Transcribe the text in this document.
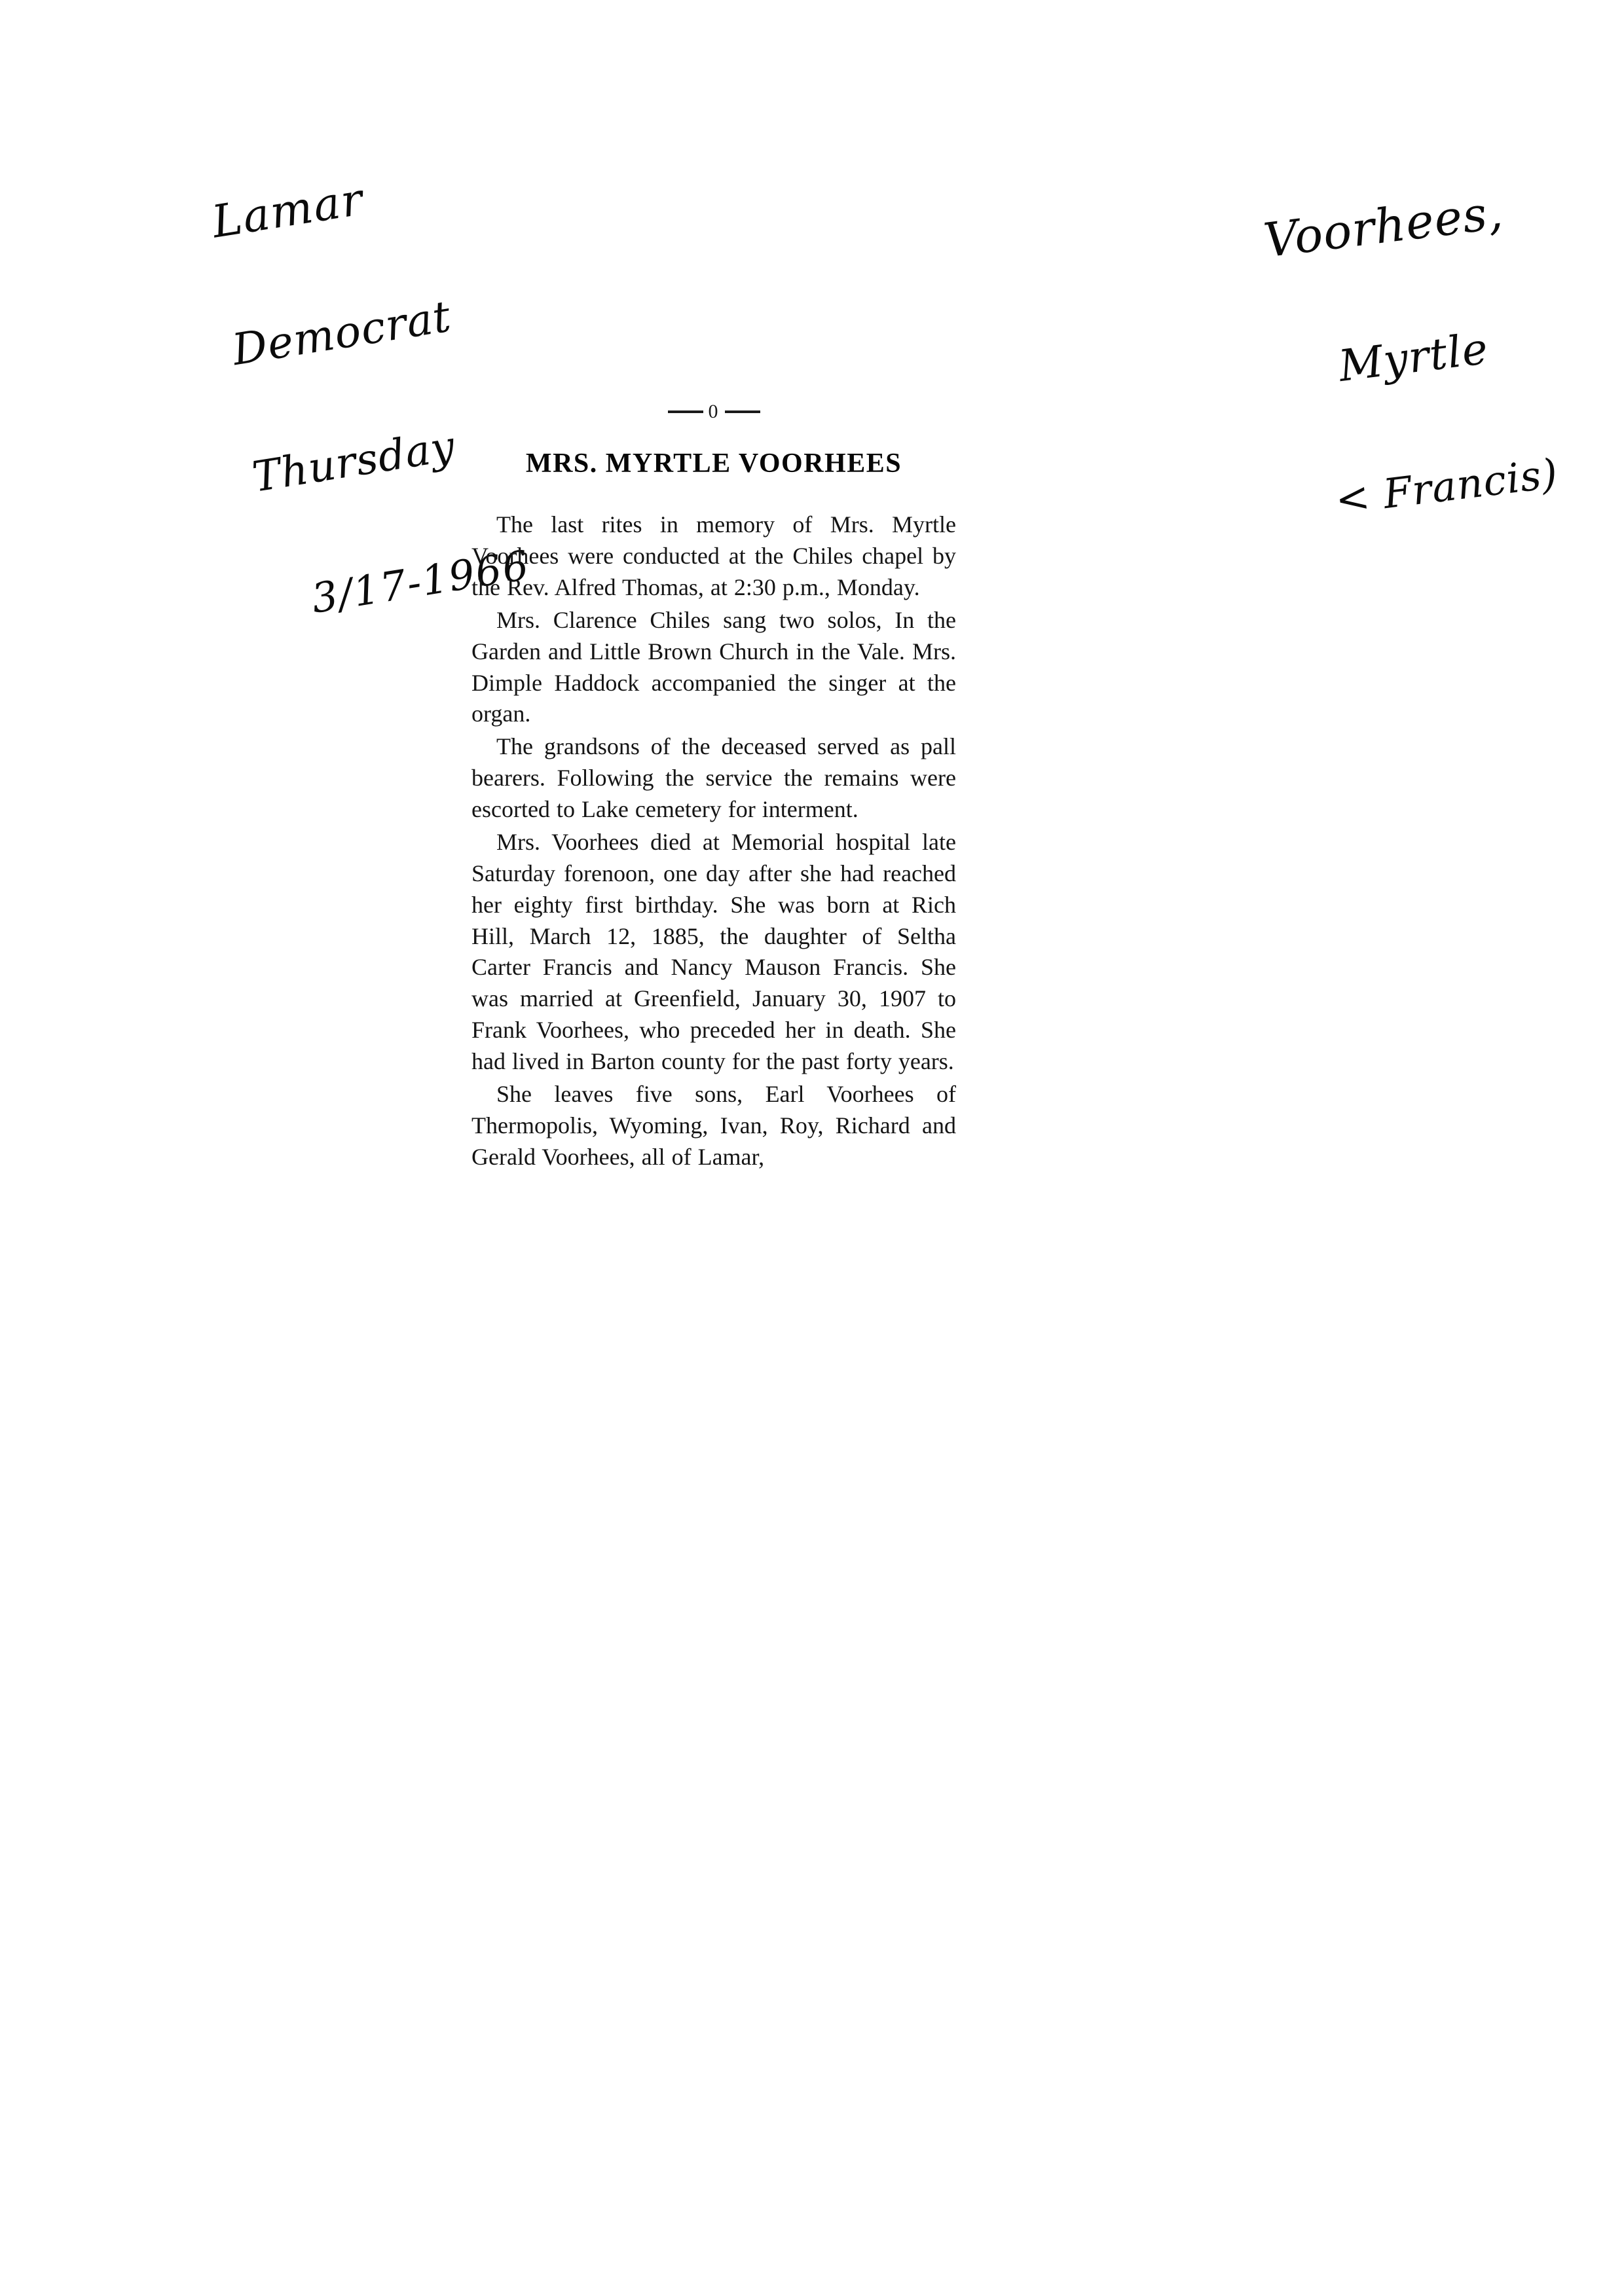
Lamar

Democrat

Thursday

3/17-1966

Voorhees,

Myrtle

< Francis)

0
MRS. MYRTLE VOORHEES

The last rites in memory of Mrs. Myrtle Voorhees were conducted at the Chiles chapel by the Rev. Alfred Thomas, at 2:30 p.m., Monday.

Mrs. Clarence Chiles sang two solos, In the Garden and Little Brown Church in the Vale. Mrs. Dimple Haddock accompanied the singer at the organ.

The grandsons of the deceased served as pall bearers. Following the service the remains were escorted to Lake cemetery for interment.

Mrs. Voorhees died at Memorial hospital late Saturday forenoon, one day after she had reached her eighty first birthday. She was born at Rich Hill, March 12, 1885, the daughter of Seltha Carter Francis and Nancy Mauson Francis. She was married at Greenfield, January 30, 1907 to Frank Voorhees, who preceded her in death. She had lived in Barton county for the past forty years.

She leaves five sons, Earl Voorhees of Thermopolis, Wyoming, Ivan, Roy, Richard and Gerald Voorhees, all of Lamar,
